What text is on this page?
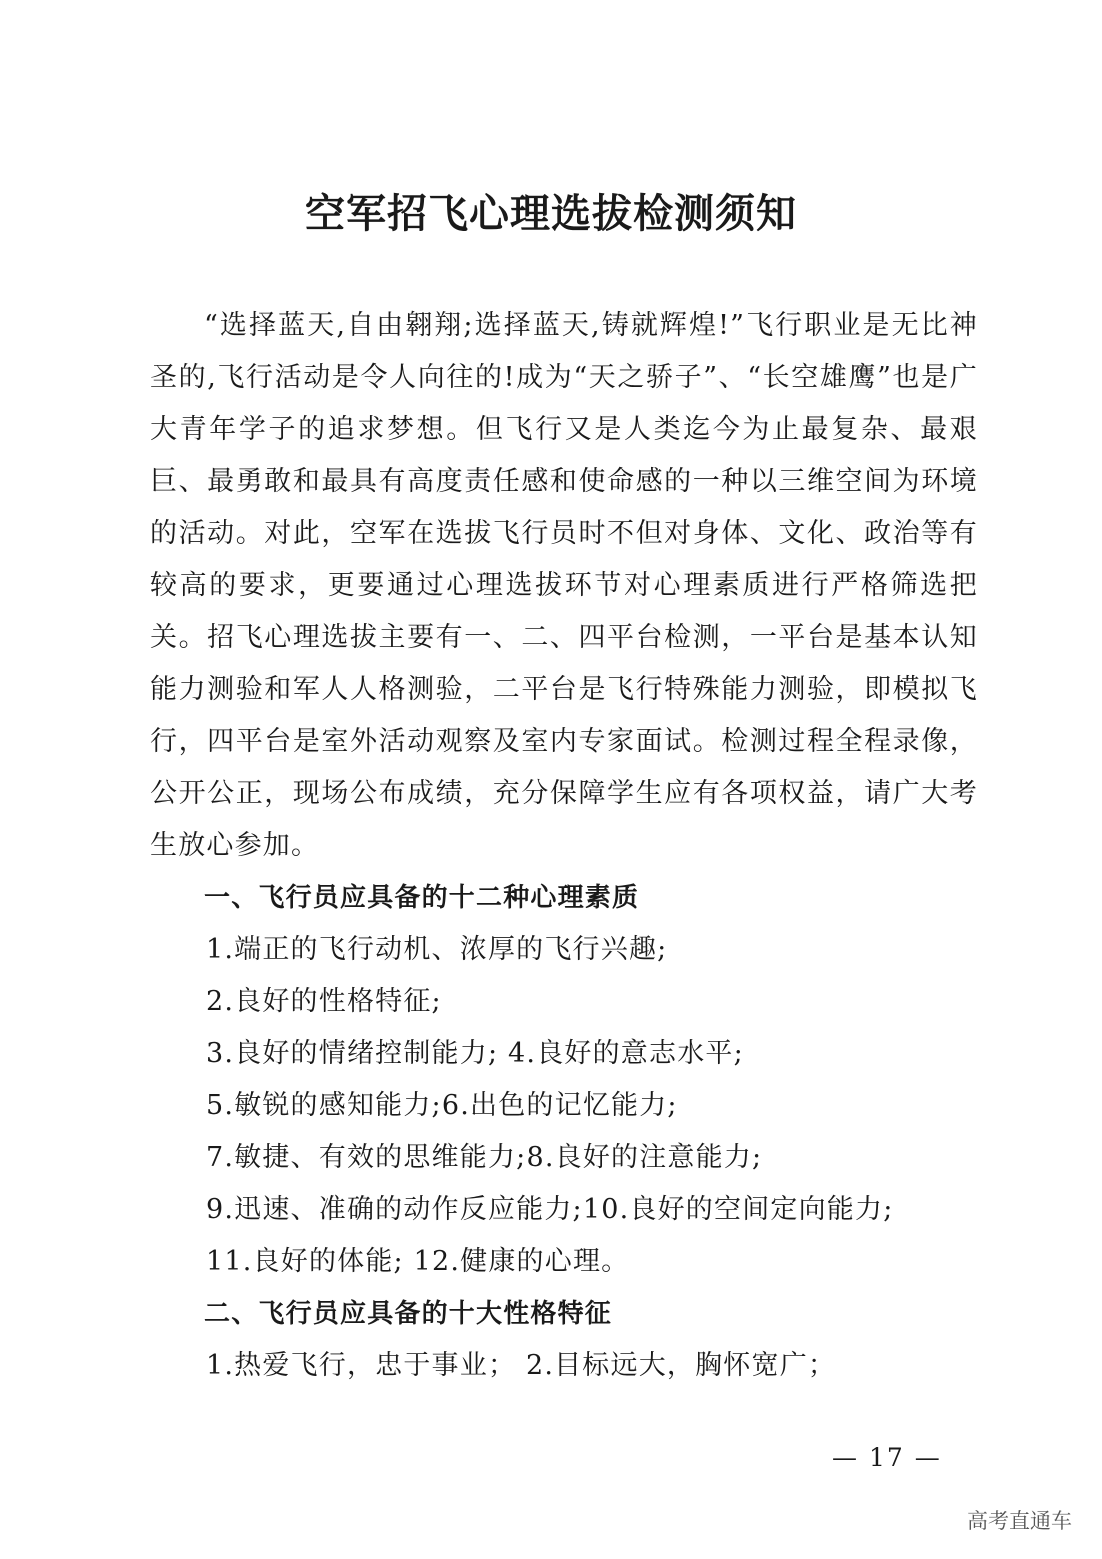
空军招飞心理选拔检测须知

“选择蓝天,自由翱翔;选择蓝天,铸就辉煌!”飞行职业是无比神圣的,飞行活动是令人向往的!成为“天之骄子”、“长空雄鹰”也是广大青年学子的追求梦想。但飞行又是人类迄今为止最复杂、最艰巨、最勇敢和最具有高度责任感和使命感的一种以三维空间为环境的活动。对此，空军在选拔飞行员时不但对身体、文化、政治等有较高的要求，更要通过心理选拔环节对心理素质进行严格筛选把关。招飞心理选拔主要有一、二、四平台检测，一平台是基本认知能力测验和军人人格测验，二平台是飞行特殊能力测验，即模拟飞行，四平台是室外活动观察及室内专家面试。检测过程全程录像，公开公正，现场公布成绩，充分保障学生应有各项权益，请广大考生放心参加。

一、飞行员应具备的十二种心理素质

1.端正的飞行动机、浓厚的飞行兴趣;

2.良好的性格特征;

3.良好的情绪控制能力; 4.良好的意志水平;

5.敏锐的感知能力;6.出色的记忆能力;

7.敏捷、有效的思维能力;8.良好的注意能力;

9.迅速、准确的动作反应能力;10.良好的空间定向能力;

11.良好的体能; 12.健康的心理。

二、飞行员应具备的十大性格特征

1.热爱飞行，忠于事业； 2.目标远大，胸怀宽广；

— 17 —
高考直通车
